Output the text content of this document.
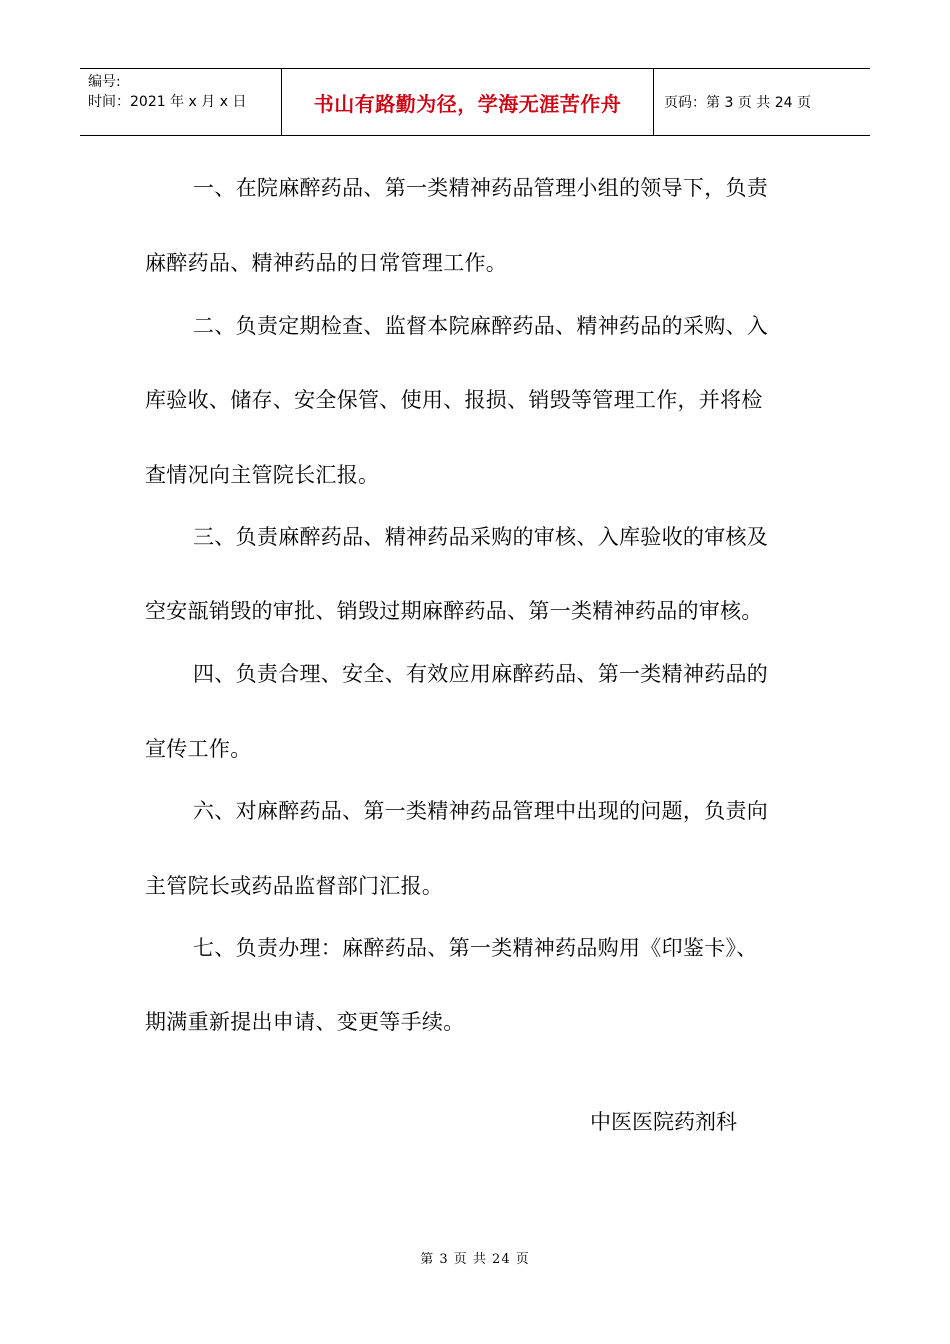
编号:
时间：2021 年 x 月 x 日	书山有路勤为径，学海无涯苦作舟	页码：第 3 页 共 24 页
一、在院麻醉药品、第一类精神药品管理小组的领导下，负责
麻醉药品、精神药品的日常管理工作。
二、负责定期检查、监督本院麻醉药品、精神药品的采购、入
库验收、储存、安全保管、使用、报损、销毁等管理工作，并将检
查情况向主管院长汇报。
三、负责麻醉药品、精神药品采购的审核、入库验收的审核及
空安瓿销毁的审批、销毁过期麻醉药品、第一类精神药品的审核。
四、负责合理、安全、有效应用麻醉药品、第一类精神药品的
宣传工作。
六、对麻醉药品、第一类精神药品管理中出现的问题，负责向
主管院长或药品监督部门汇报。
七、负责办理：麻醉药品、第一类精神药品购用《印鉴卡》、
期满重新提出申请、变更等手续。
中医医院药剂科
第 3 页 共 24 页
